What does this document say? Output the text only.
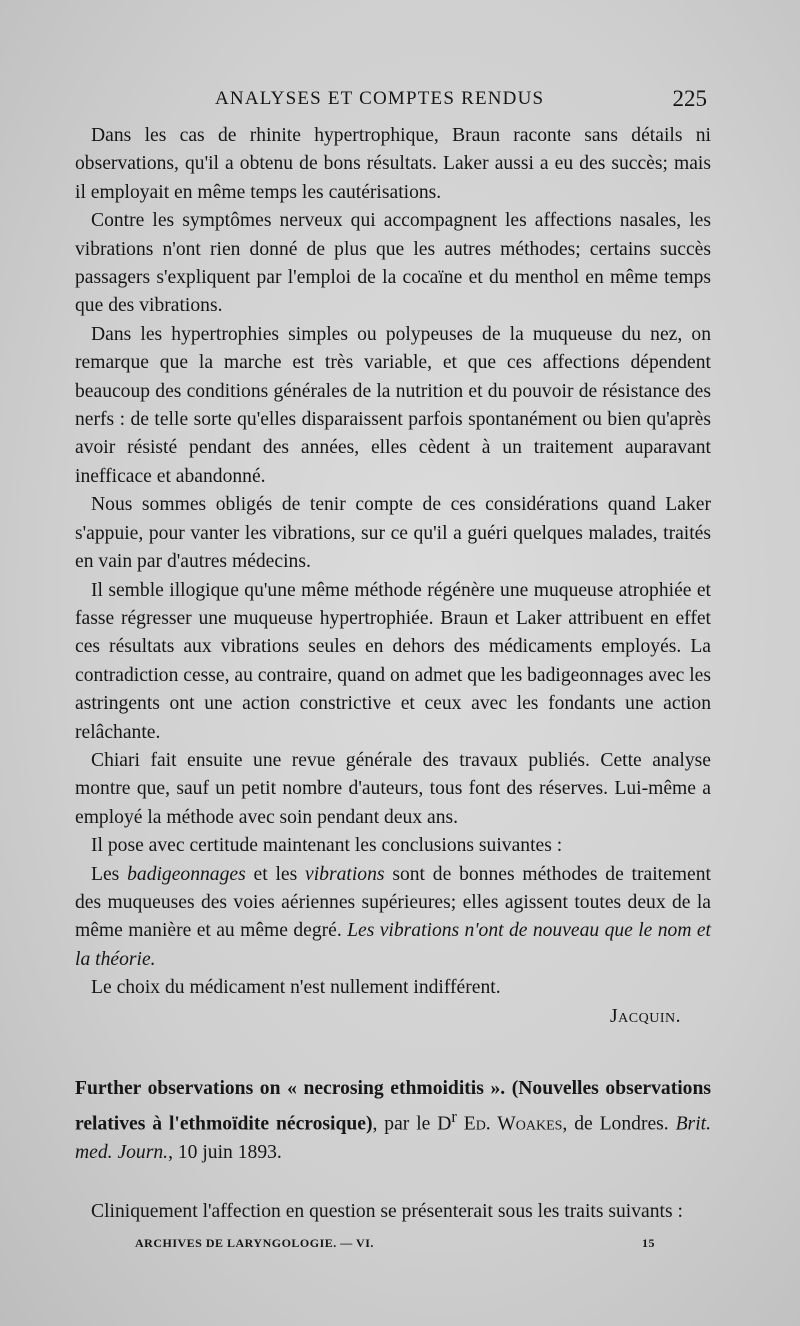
ANALYSES ET COMPTES RENDUS	225

Dans les cas de rhinite hypertrophique, Braun raconte sans détails ni observations, qu'il a obtenu de bons résultats. Laker aussi a eu des succès; mais il employait en même temps les cautérisations.

Contre les symptômes nerveux qui accompagnent les affections nasales, les vibrations n'ont rien donné de plus que les autres méthodes; certains succès passagers s'expliquent par l'emploi de la cocaïne et du menthol en même temps que des vibrations.

Dans les hypertrophies simples ou polypeuses de la muqueuse du nez, on remarque que la marche est très variable, et que ces affections dépendent beaucoup des conditions générales de la nutrition et du pouvoir de résistance des nerfs : de telle sorte qu'elles disparaissent parfois spontanément ou bien qu'après avoir résisté pendant des années, elles cèdent à un traitement auparavant inefficace et abandonné.

Nous sommes obligés de tenir compte de ces considérations quand Laker s'appuie, pour vanter les vibrations, sur ce qu'il a guéri quelques malades, traités en vain par d'autres médecins.

Il semble illogique qu'une même méthode régénère une muqueuse atrophiée et fasse régresser une muqueuse hypertrophiée. Braun et Laker attribuent en effet ces résultats aux vibrations seules en dehors des médicaments employés. La contradiction cesse, au contraire, quand on admet que les badigeonnages avec les astringents ont une action constrictive et ceux avec les fondants une action relâchante.

Chiari fait ensuite une revue générale des travaux publiés. Cette analyse montre que, sauf un petit nombre d'auteurs, tous font des réserves. Lui-même a employé la méthode avec soin pendant deux ans.

Il pose avec certitude maintenant les conclusions suivantes :

Les badigeonnages et les vibrations sont de bonnes méthodes de traitement des muqueuses des voies aériennes supérieures; elles agissent toutes deux de la même manière et au même degré. Les vibrations n'ont de nouveau que le nom et la théorie.

Le choix du médicament n'est nullement indifférent.

Jacquin.

Further observations on « necrosing ethmoiditis ». (Nouvelles observations relatives à l'ethmoïdite nécrosique), par le $D^r$ Ed. Woakes, de Londres. Brit. med. Journ., 10 juin 1893.

Cliniquement l'affection en question se présenterait sous les traits suivants :

ARCHIVES DE LARYNGOLOGIE. — VI.	15
